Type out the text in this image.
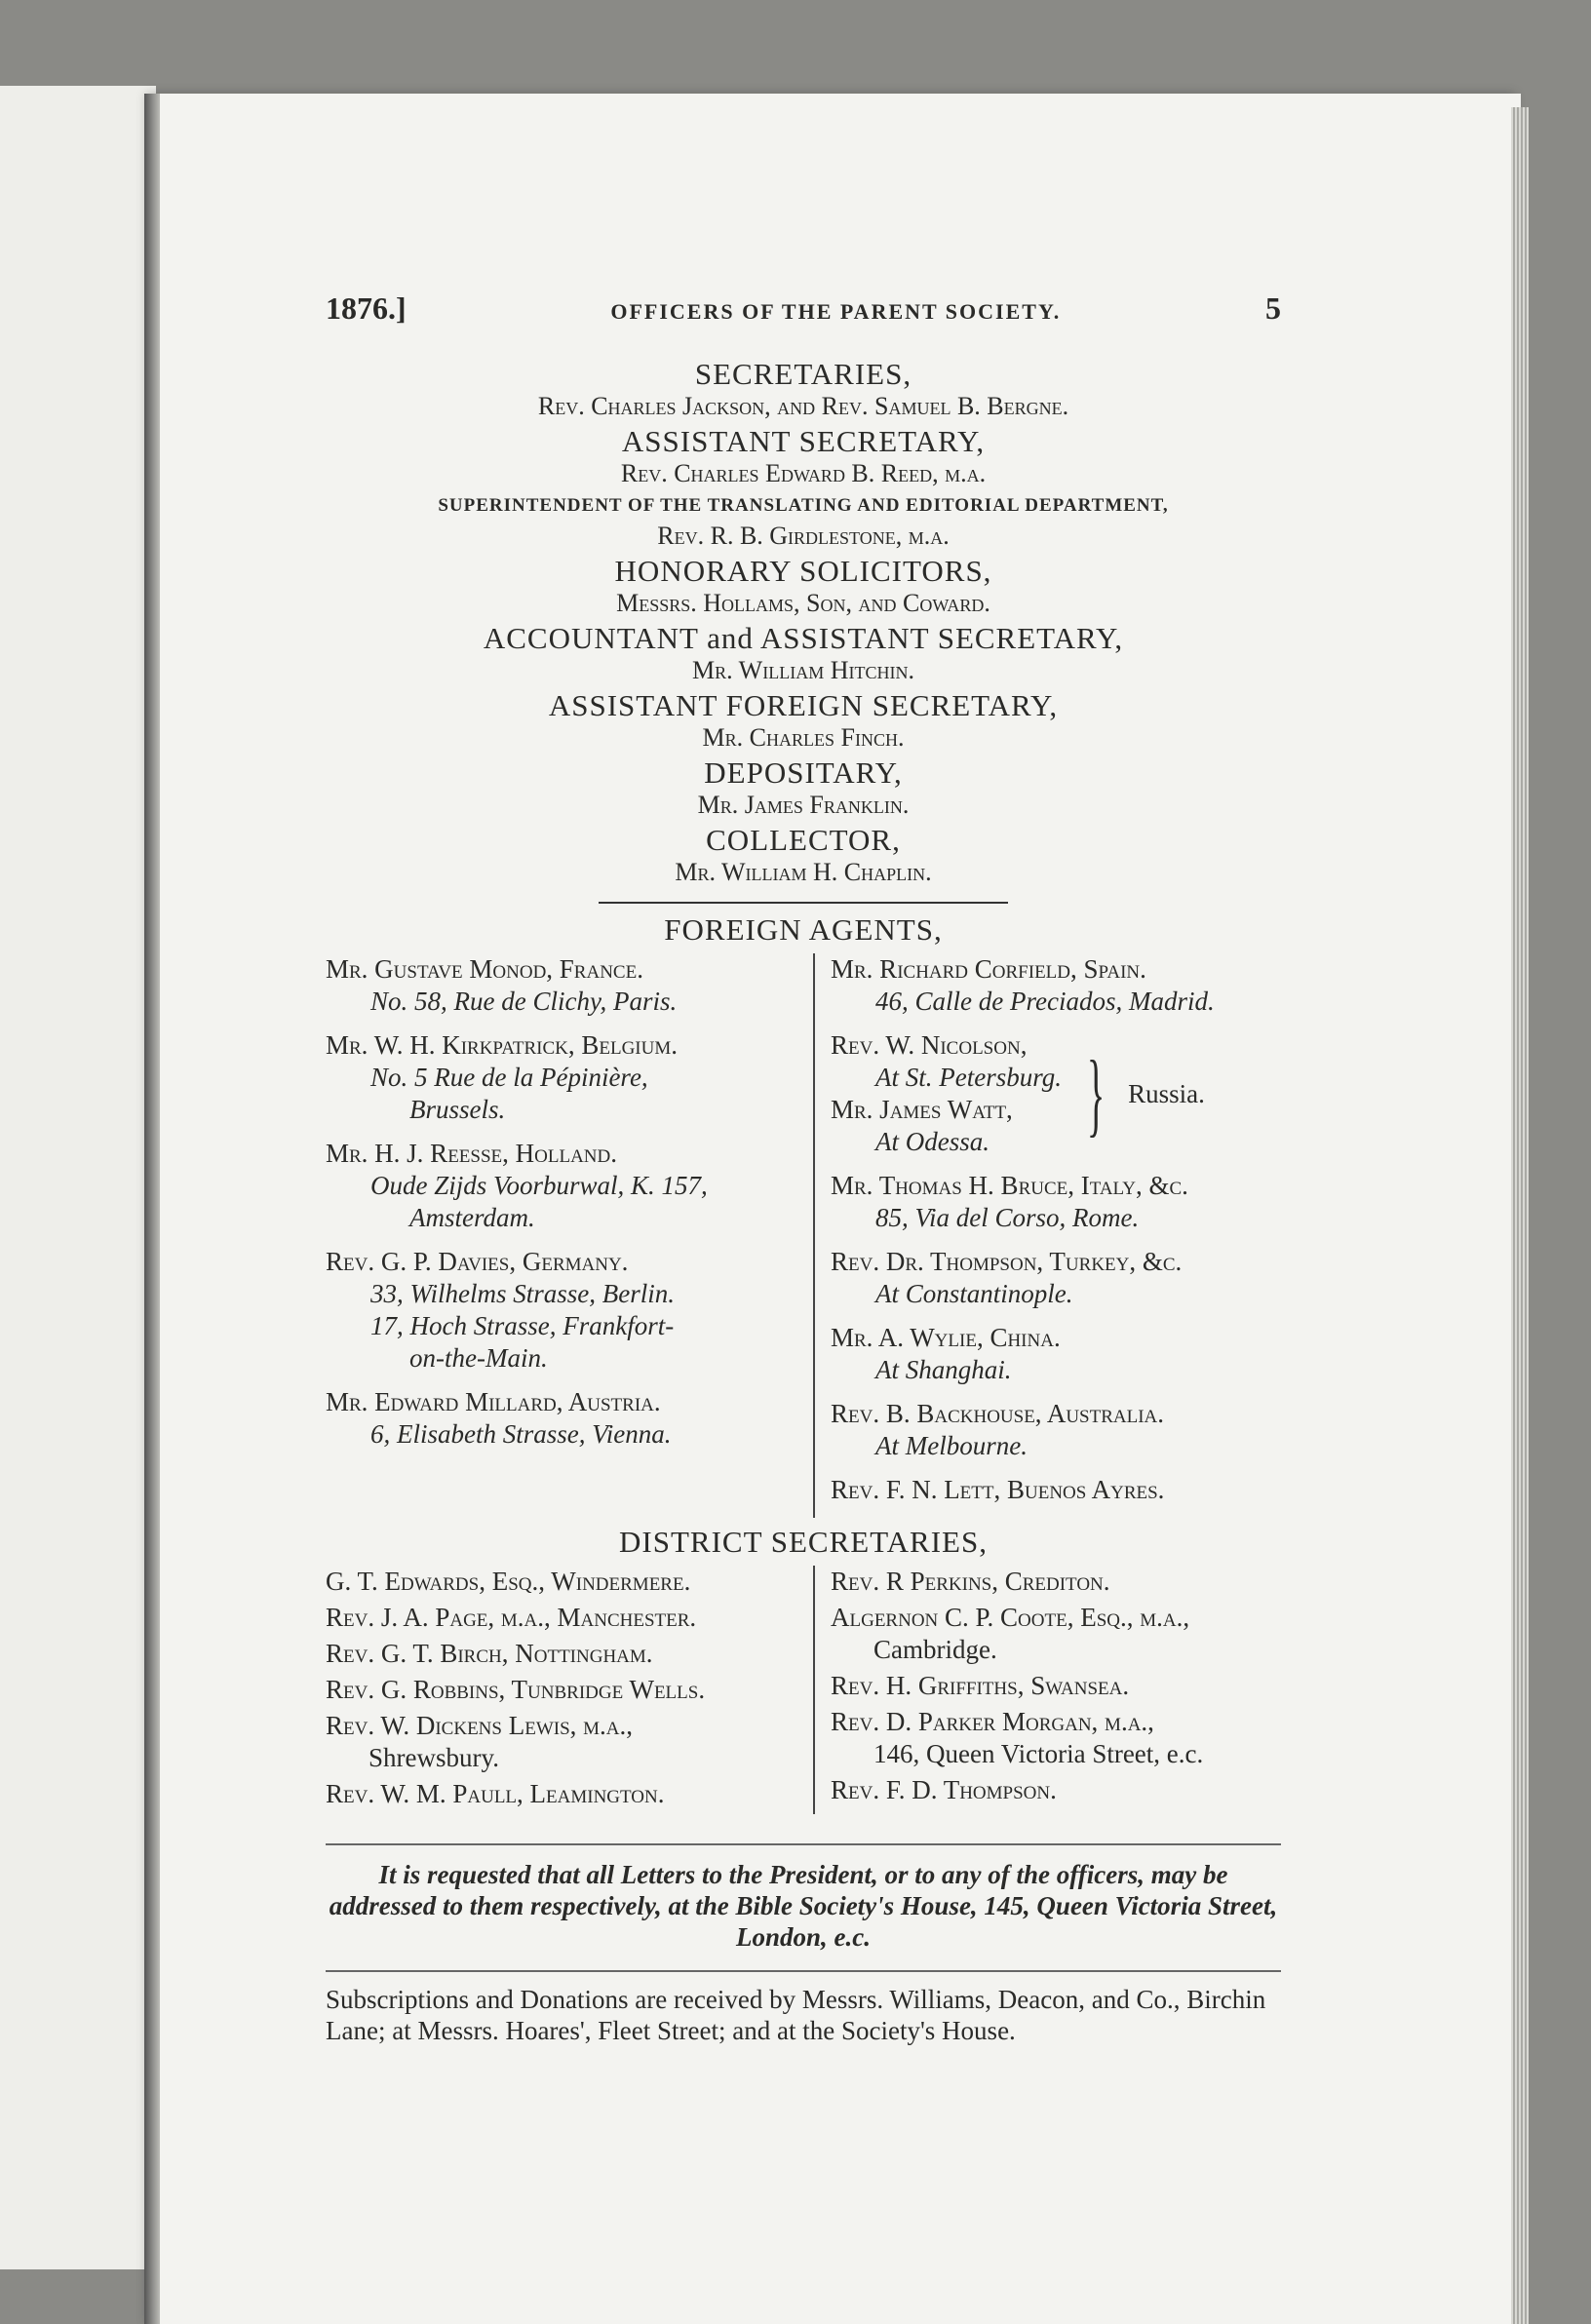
1876.]	OFFICERS OF THE PARENT SOCIETY.	5
SECRETARIES,
Rev. Charles Jackson, and Rev. Samuel B. Bergne.
ASSISTANT SECRETARY,
Rev. Charles Edward B. Reed, m.a.
SUPERINTENDENT OF THE TRANSLATING AND EDITORIAL DEPARTMENT,
Rev. R. B. Girdlestone, m.a.
HONORARY SOLICITORS,
Messrs. Hollams, Son, and Coward.
ACCOUNTANT and ASSISTANT SECRETARY,
Mr. William Hitchin.
ASSISTANT FOREIGN SECRETARY,
Mr. Charles Finch.
DEPOSITARY,
Mr. James Franklin.
COLLECTOR,
Mr. William H. Chaplin.
FOREIGN AGENTS,
Mr. Gustave Monod, France.
No. 58, Rue de Clichy, Paris.
Mr. W. H. Kirkpatrick, Belgium.
No. 5 Rue de la Pépinière,
Brussels.
Mr. H. J. Reesse, Holland.
Oude Zijds Voorburwal, K. 157,
Amsterdam.
Rev. G. P. Davies, Germany.
33, Wilhelms Strasse, Berlin.
17, Hoch Strasse, Frankfort-
on-the-Main.
Mr. Edward Millard, Austria.
6, Elisabeth Strasse, Vienna.
Mr. Richard Corfield, Spain.
46, Calle de Preciados, Madrid.
Rev. W. Nicolson,
At St. Petersburg.
Mr. James Watt,
At Odessa.	} Russia.
Mr. Thomas H. Bruce, Italy, &c.
85, Via del Corso, Rome.
Rev. Dr. Thompson, Turkey, &c.
At Constantinople.
Mr. A. Wylie, China.
At Shanghai.
Rev. B. Backhouse, Australia.
At Melbourne.
Rev. F. N. Lett, Buenos Ayres.
DISTRICT SECRETARIES,
G. T. Edwards, Esq., Windermere.
Rev. J. A. Page, m.a., Manchester.
Rev. G. T. Birch, Nottingham.
Rev. G. Robbins, Tunbridge Wells.
Rev. W. Dickens Lewis, m.a.,
Shrewsbury.
Rev. W. M. Paull, Leamington.
Rev. R Perkins, Crediton.
Algernon C. P. Coote, Esq., m.a.,
Cambridge.
Rev. H. Griffiths, Swansea.
Rev. D. Parker Morgan, m.a.,
146, Queen Victoria Street, e.c.
Rev. F. D. Thompson.
It is requested that all Letters to the President, or to any of the officers, may be addressed to them respectively, at the Bible Society's House, 145, Queen Victoria Street, London, e.c.
Subscriptions and Donations are received by Messrs. Williams, Deacon, and Co., Birchin Lane; at Messrs. Hoares', Fleet Street; and at the Society's House.
